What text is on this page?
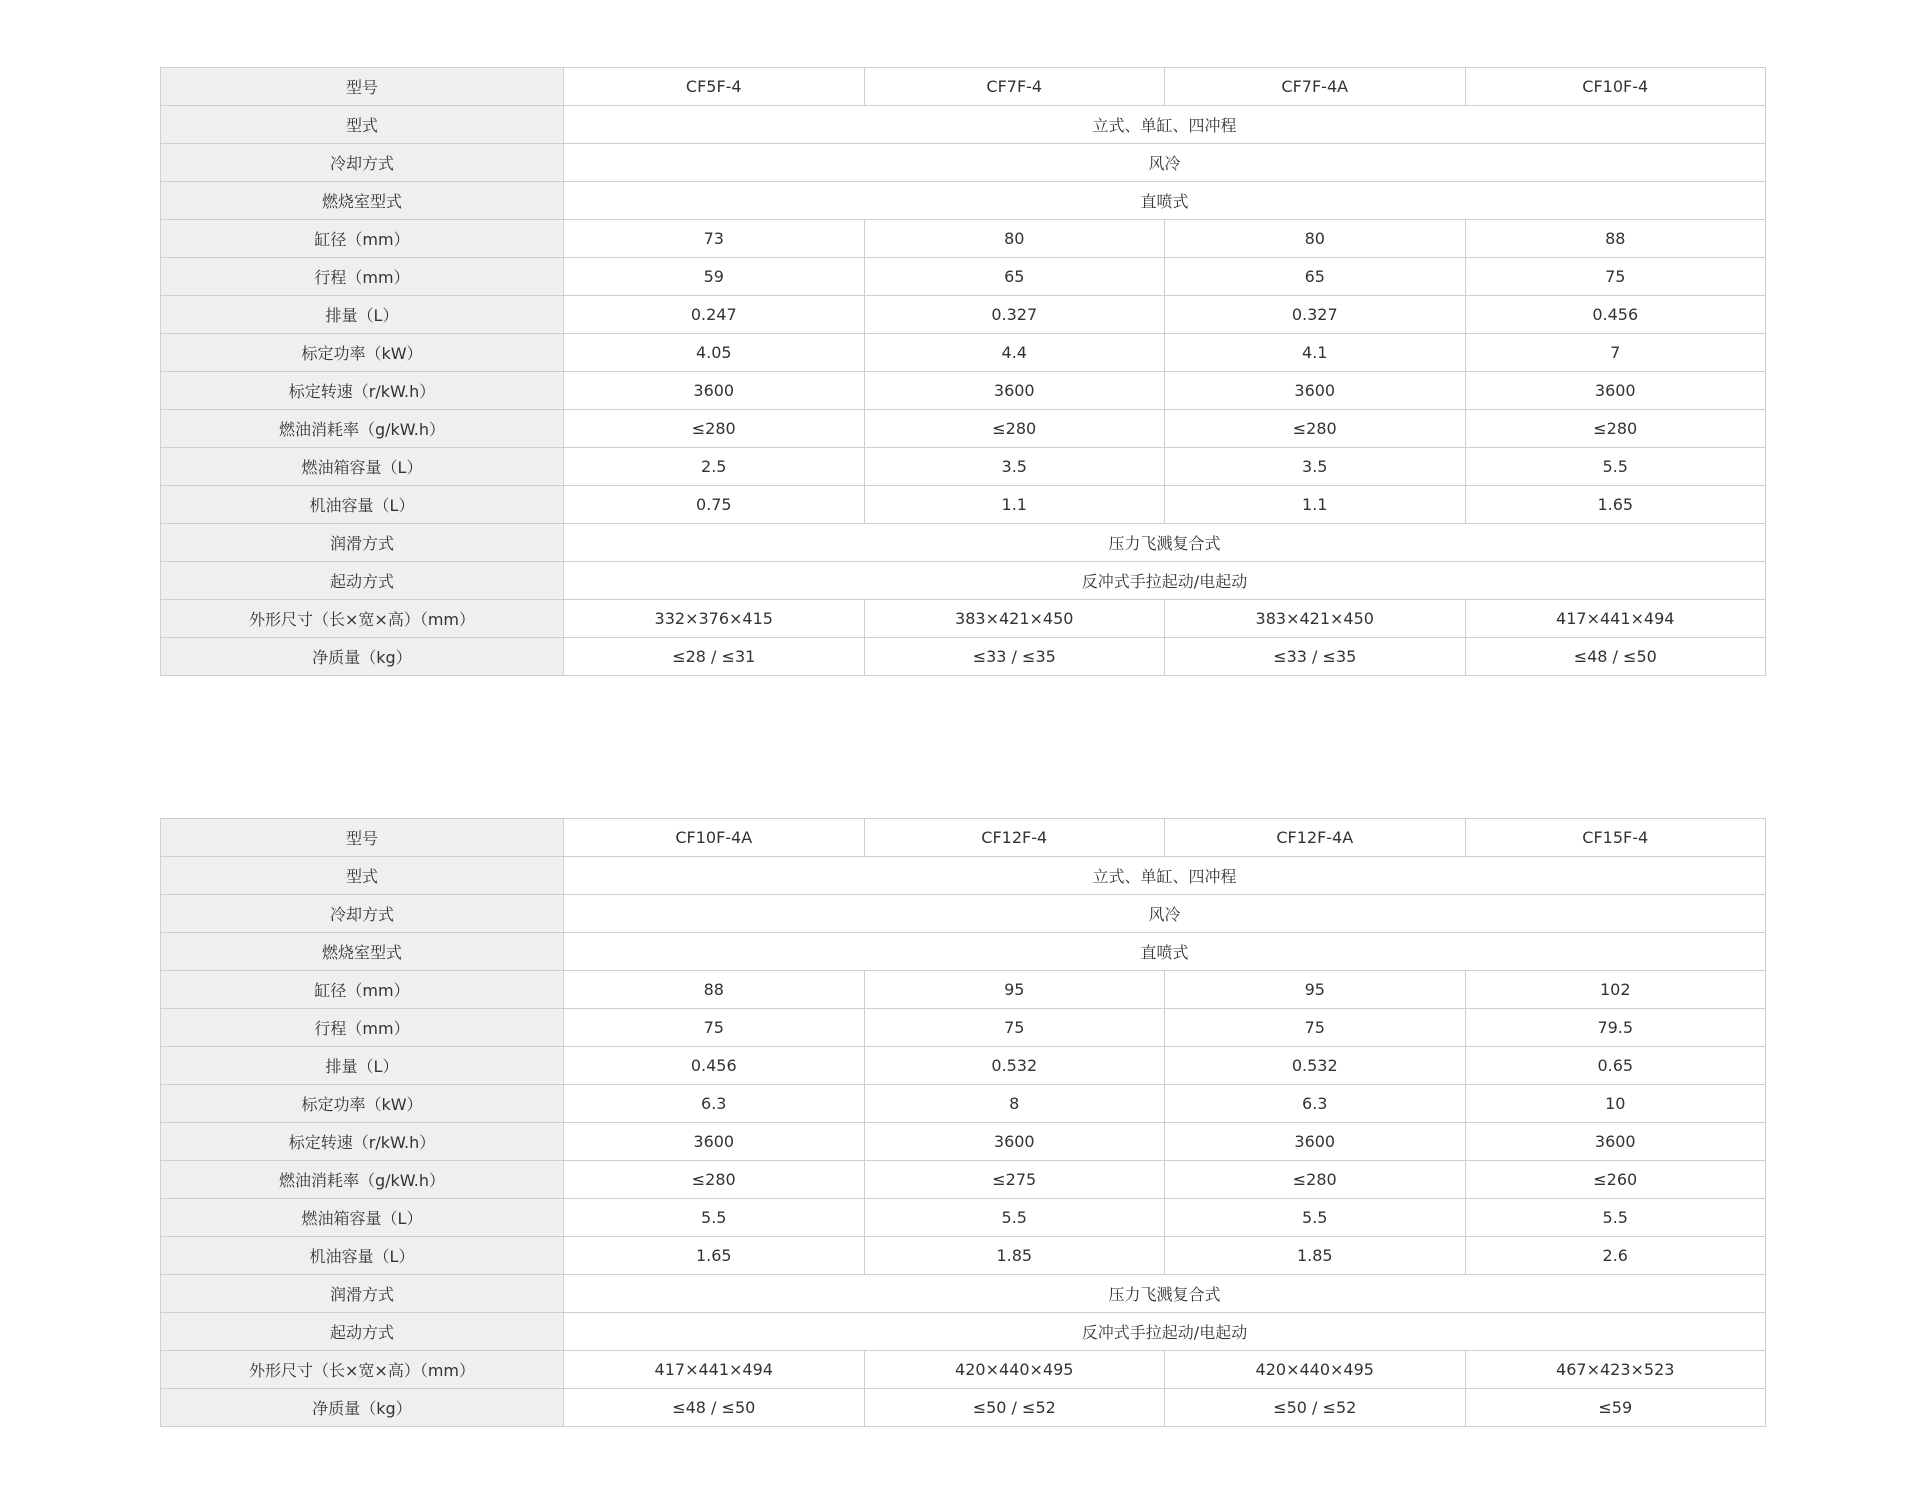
型号	CF5F-4	CF7F-4	CF7F-4A	CF10F-4
型式	立式、单缸、四冲程			
冷却方式	风冷			
燃烧室型式	直喷式			
缸径（mm）	73	80	80	88
行程（mm）	59	65	65	75
排量（L）	0.247	0.327	0.327	0.456
标定功率（kW）	4.05	4.4	4.1	7
标定转速（r/kW.h）	3600	3600	3600	3600
燃油消耗率（g/kW.h）	≤280	≤280	≤280	≤280
燃油箱容量（L）	2.5	3.5	3.5	5.5
机油容量（L）	0.75	1.1	1.1	1.65
润滑方式	压力飞溅复合式			
起动方式	反冲式手拉起动/电起动			
外形尺寸（长×宽×高）（mm）	332×376×415	383×421×450	383×421×450	417×441×494
净质量（kg）	≤28 / ≤31	≤33 / ≤35	≤33 / ≤35	≤48 / ≤50
型号	CF10F-4A	CF12F-4	CF12F-4A	CF15F-4
型式	立式、单缸、四冲程			
冷却方式	风冷			
燃烧室型式	直喷式			
缸径（mm）	88	95	95	102
行程（mm）	75	75	75	79.5
排量（L）	0.456	0.532	0.532	0.65
标定功率（kW）	6.3	8	6.3	10
标定转速（r/kW.h）	3600	3600	3600	3600
燃油消耗率（g/kW.h）	≤280	≤275	≤280	≤260
燃油箱容量（L）	5.5	5.5	5.5	5.5
机油容量（L）	1.65	1.85	1.85	2.6
润滑方式	压力飞溅复合式			
起动方式	反冲式手拉起动/电起动			
外形尺寸（长×宽×高）（mm）	417×441×494	420×440×495	420×440×495	467×423×523
净质量（kg）	≤48 / ≤50	≤50 / ≤52	≤50 / ≤52	≤59
